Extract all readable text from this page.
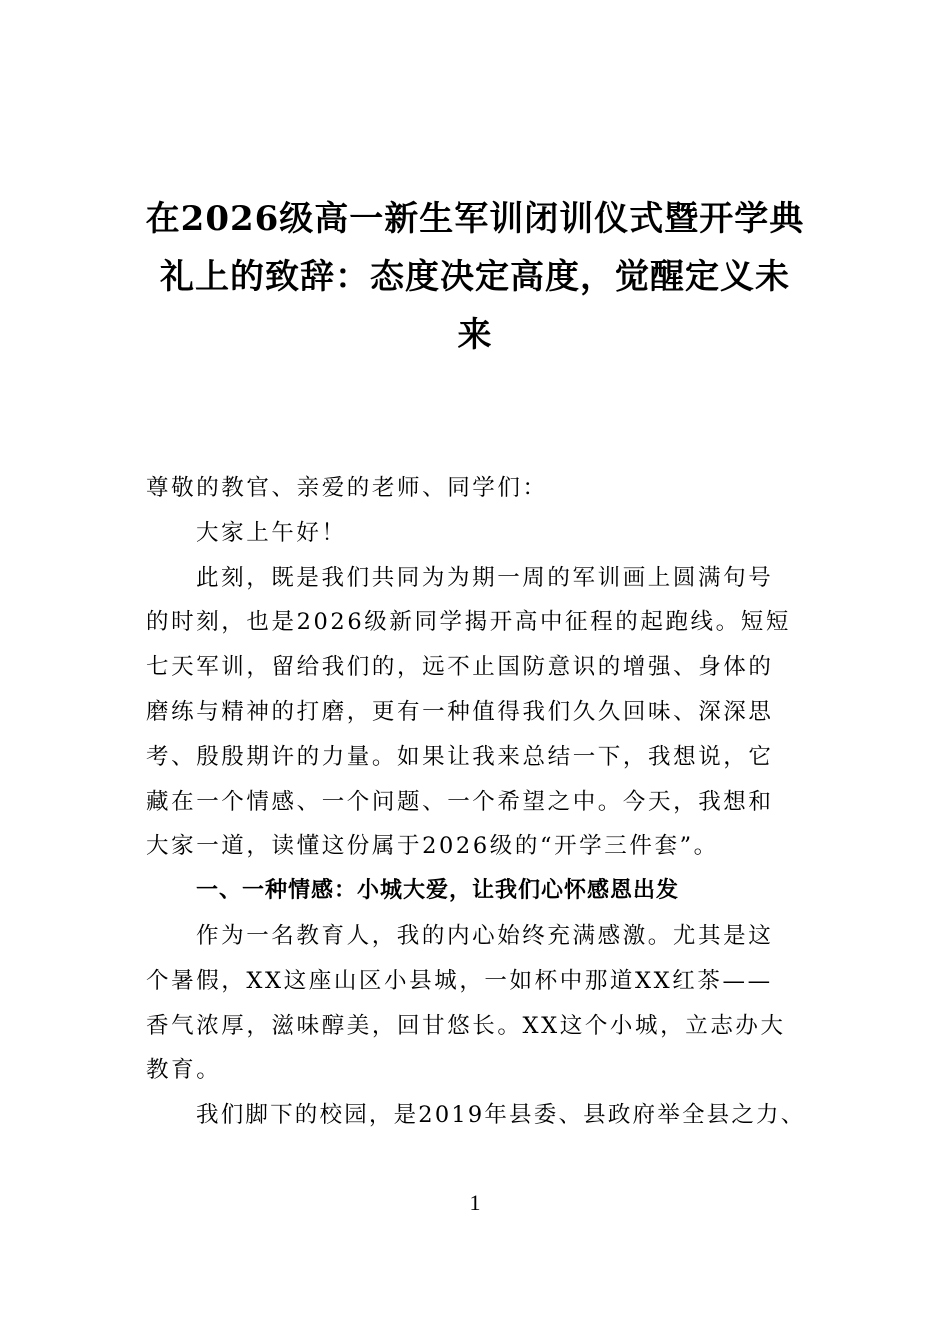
在2026级高一新生军训闭训仪式暨开学典
礼上的致辞：态度决定高度，觉醒定义未
来

尊敬的教官、亲爱的老师、同学们：

大家上午好！

此刻，既是我们共同为为期一周的军训画上圆满句号

的时刻，也是2026级新同学揭开高中征程的起跑线。短短

七天军训，留给我们的，远不止国防意识的增强、身体的

磨练与精神的打磨，更有一种值得我们久久回味、深深思

考、殷殷期许的力量。如果让我来总结一下，我想说，它

藏在一个情感、一个问题、一个希望之中。今天，我想和

大家一道，读懂这份属于2026级的“开学三件套”。

一、一种情感：小城大爱，让我们心怀感恩出发

作为一名教育人，我的内心始终充满感激。尤其是这

个暑假，XX这座山区小县城，一如杯中那道XX红茶——

香气浓厚，滋味醇美，回甘悠长。XX这个小城，立志办大

教育。

我们脚下的校园，是2019年县委、县政府举全县之力、

1
